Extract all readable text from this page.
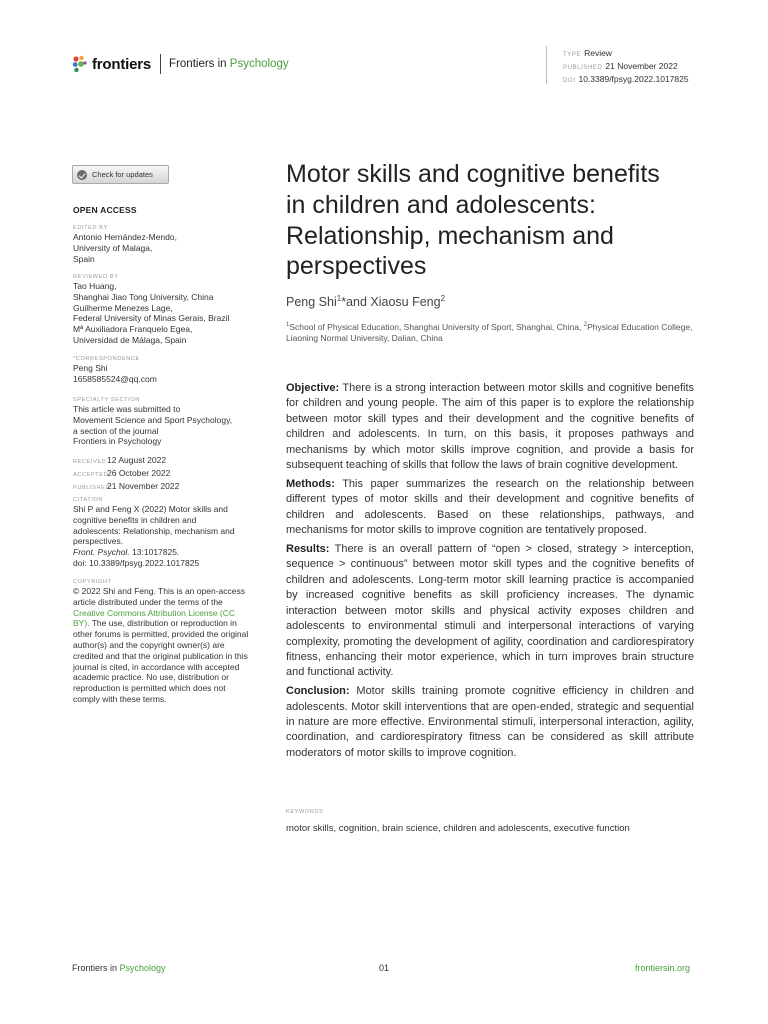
frontiers Frontiers in Psychology
TYPE Review
PUBLISHED 21 November 2022
DOI 10.3389/fpsyg.2022.1017825
Check for updates
OPEN ACCESS
EDITED BY
Antonio Hernández-Mendo,
University of Malaga,
Spain
REVIEWED BY
Tao Huang,
Shanghai Jiao Tong University, China
Guilherme Menezes Lage,
Federal University of Minas Gerais, Brazil
Mª Auxiliadora Franquelo Egea,
Universidad de Málaga, Spain
*CORRESPONDENCE
Peng Shi
1658585524@qq.com
SPECIALTY SECTION
This article was submitted to
Movement Science and Sport Psychology,
a section of the journal
Frontiers in Psychology
RECEIVED12 August 2022
ACCEPTED26 October 2022
PUBLISHED21 November 2022
CITATION
Shi P and Feng X (2022) Motor skills and
cognitive benefits in children and
adolescents: Relationship, mechanism and
perspectives.
Front. Psychol. 13:1017825.
doi: 10.3389/fpsyg.2022.1017825
COPYRIGHT
© 2022 Shi and Feng. This is an open-access article distributed under the terms of the Creative Commons Attribution License (CC BY). The use, distribution or reproduction in other forums is permitted, provided the original author(s) and the copyright owner(s) are credited and that the original publication in this journal is cited, in accordance with accepted academic practice. No use, distribution or reproduction is permitted which does not comply with these terms.
Motor skills and cognitive benefits in children and adolescents: Relationship, mechanism and perspectives
Peng Shi$^1$*and Xiaosu Feng$^2$
$^1$School of Physical Education, Shanghai University of Sport, Shanghai, China, $^2$Physical Education College, Liaoning Normal University, Dalian, China

Objective: There is a strong interaction between motor skills and cognitive benefits for children and young people. The aim of this paper is to explore the relationship between motor skill types and their development and the cognitive benefits of children and adolescents. In turn, on this basis, it proposes pathways and mechanisms by which motor skills improve cognition, and provide a basis for subsequent teaching of skills that follow the laws of brain cognitive development.

Methods: This paper summarizes the research on the relationship between different types of motor skills and their development and cognitive benefits of children and adolescents. Based on these relationships, pathways, and mechanisms for motor skills to improve cognition are tentatively proposed.

Results: There is an overall pattern of “open > closed, strategy > interception, sequence > continuous” between motor skill types and the cognitive benefits of children and adolescents. Long-term motor skill learning practice is accompanied by increased cognitive benefits as skill proficiency increases. The dynamic interaction between motor skills and physical activity exposes children and adolescents to environmental stimuli and interpersonal interactions of varying complexity, promoting the development of agility, coordination and cardiorespiratory fitness, enhancing their motor experience, which in turn improves brain structure and functional activity.

Conclusion: Motor skills training promote cognitive efficiency in children and adolescents. Motor skill interventions that are open-ended, strategic and sequential in nature are more effective. Environmental stimuli, interpersonal interaction, agility, coordination, and cardiorespiratory fitness can be considered as skill attribute moderators of motor skills to improve cognition.

KEYWORDS
motor skills, cognition, brain science, children and adolescents, executive function
Frontiers in Psychology	01	frontiersin.org
